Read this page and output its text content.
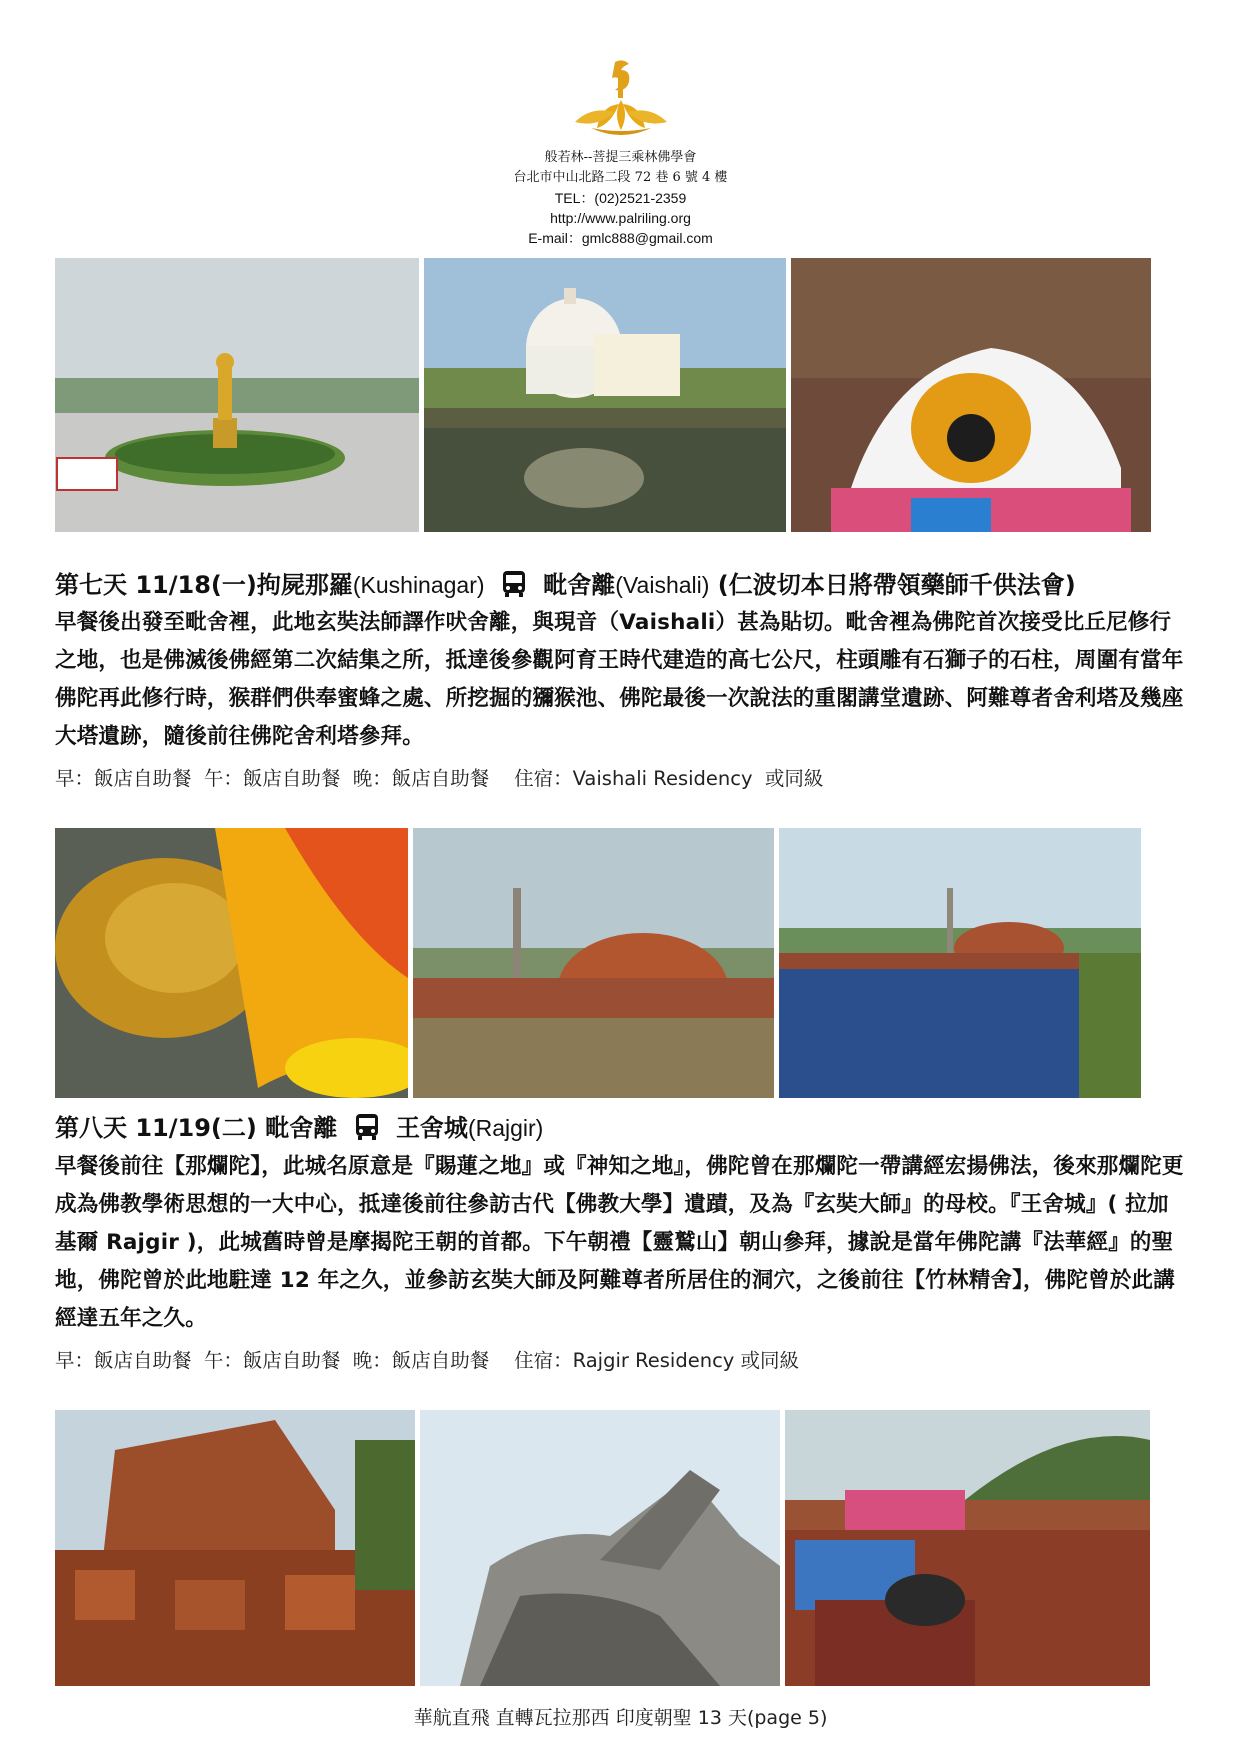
般若林--菩提三乘林佛學會
台北市中山北路二段 72 巷 6 號 4 樓
TEL：(02)2521-2359
http://www.palriling.org
E-mail：gmlc888@gmail.com
第七天 11/18(一)拘屍那羅(Kushinagar) 毗舍離(Vaishali) (仁波切本日將帶領藥師千供法會)
早餐後出發至毗舍裡，此地玄奘法師譯作吠舍離，與現音（Vaishali）甚為貼切。毗舍裡為佛陀首次接受比丘尼修行之地，也是佛滅後佛經第二次結集之所，抵達後參觀阿育王時代建造的高七公尺，柱頭雕有石獅子的石柱，周圍有當年佛陀再此修行時，猴群們供奉蜜蜂之處、所挖掘的獼猴池、佛陀最後一次說法的重閣講堂遺跡、阿難尊者舍利塔及幾座大塔遺跡，隨後前往佛陀舍利塔參拜。
早：飯店自助餐  午：飯店自助餐  晚：飯店自助餐    住宿：Vaishali Residency  或同級
第八天 11/19(二) 毗舍離 王舍城(Rajgir)
早餐後前往【那爛陀】，此城名原意是『賜蓮之地』或『神知之地』，佛陀曾在那爛陀一帶講經宏揚佛法，後來那爛陀更成為佛教學術思想的一大中心，抵達後前往參訪古代【佛教大學】遺蹟，及為『玄奘大師』的母校。『王舍城』( 拉加基爾 Rajgir )，此城舊時曾是摩揭陀王朝的首都。下午朝禮【靈鷲山】朝山參拜，據說是當年佛陀講『法華經』的聖地，佛陀曾於此地駐達 12 年之久，並參訪玄奘大師及阿難尊者所居住的洞穴，之後前往【竹林精舍】，佛陀曾於此講經達五年之久。
早：飯店自助餐  午：飯店自助餐  晚：飯店自助餐    住宿：Rajgir Residency 或同級
華航直飛 直轉瓦拉那西 印度朝聖 13 天(page 5)
